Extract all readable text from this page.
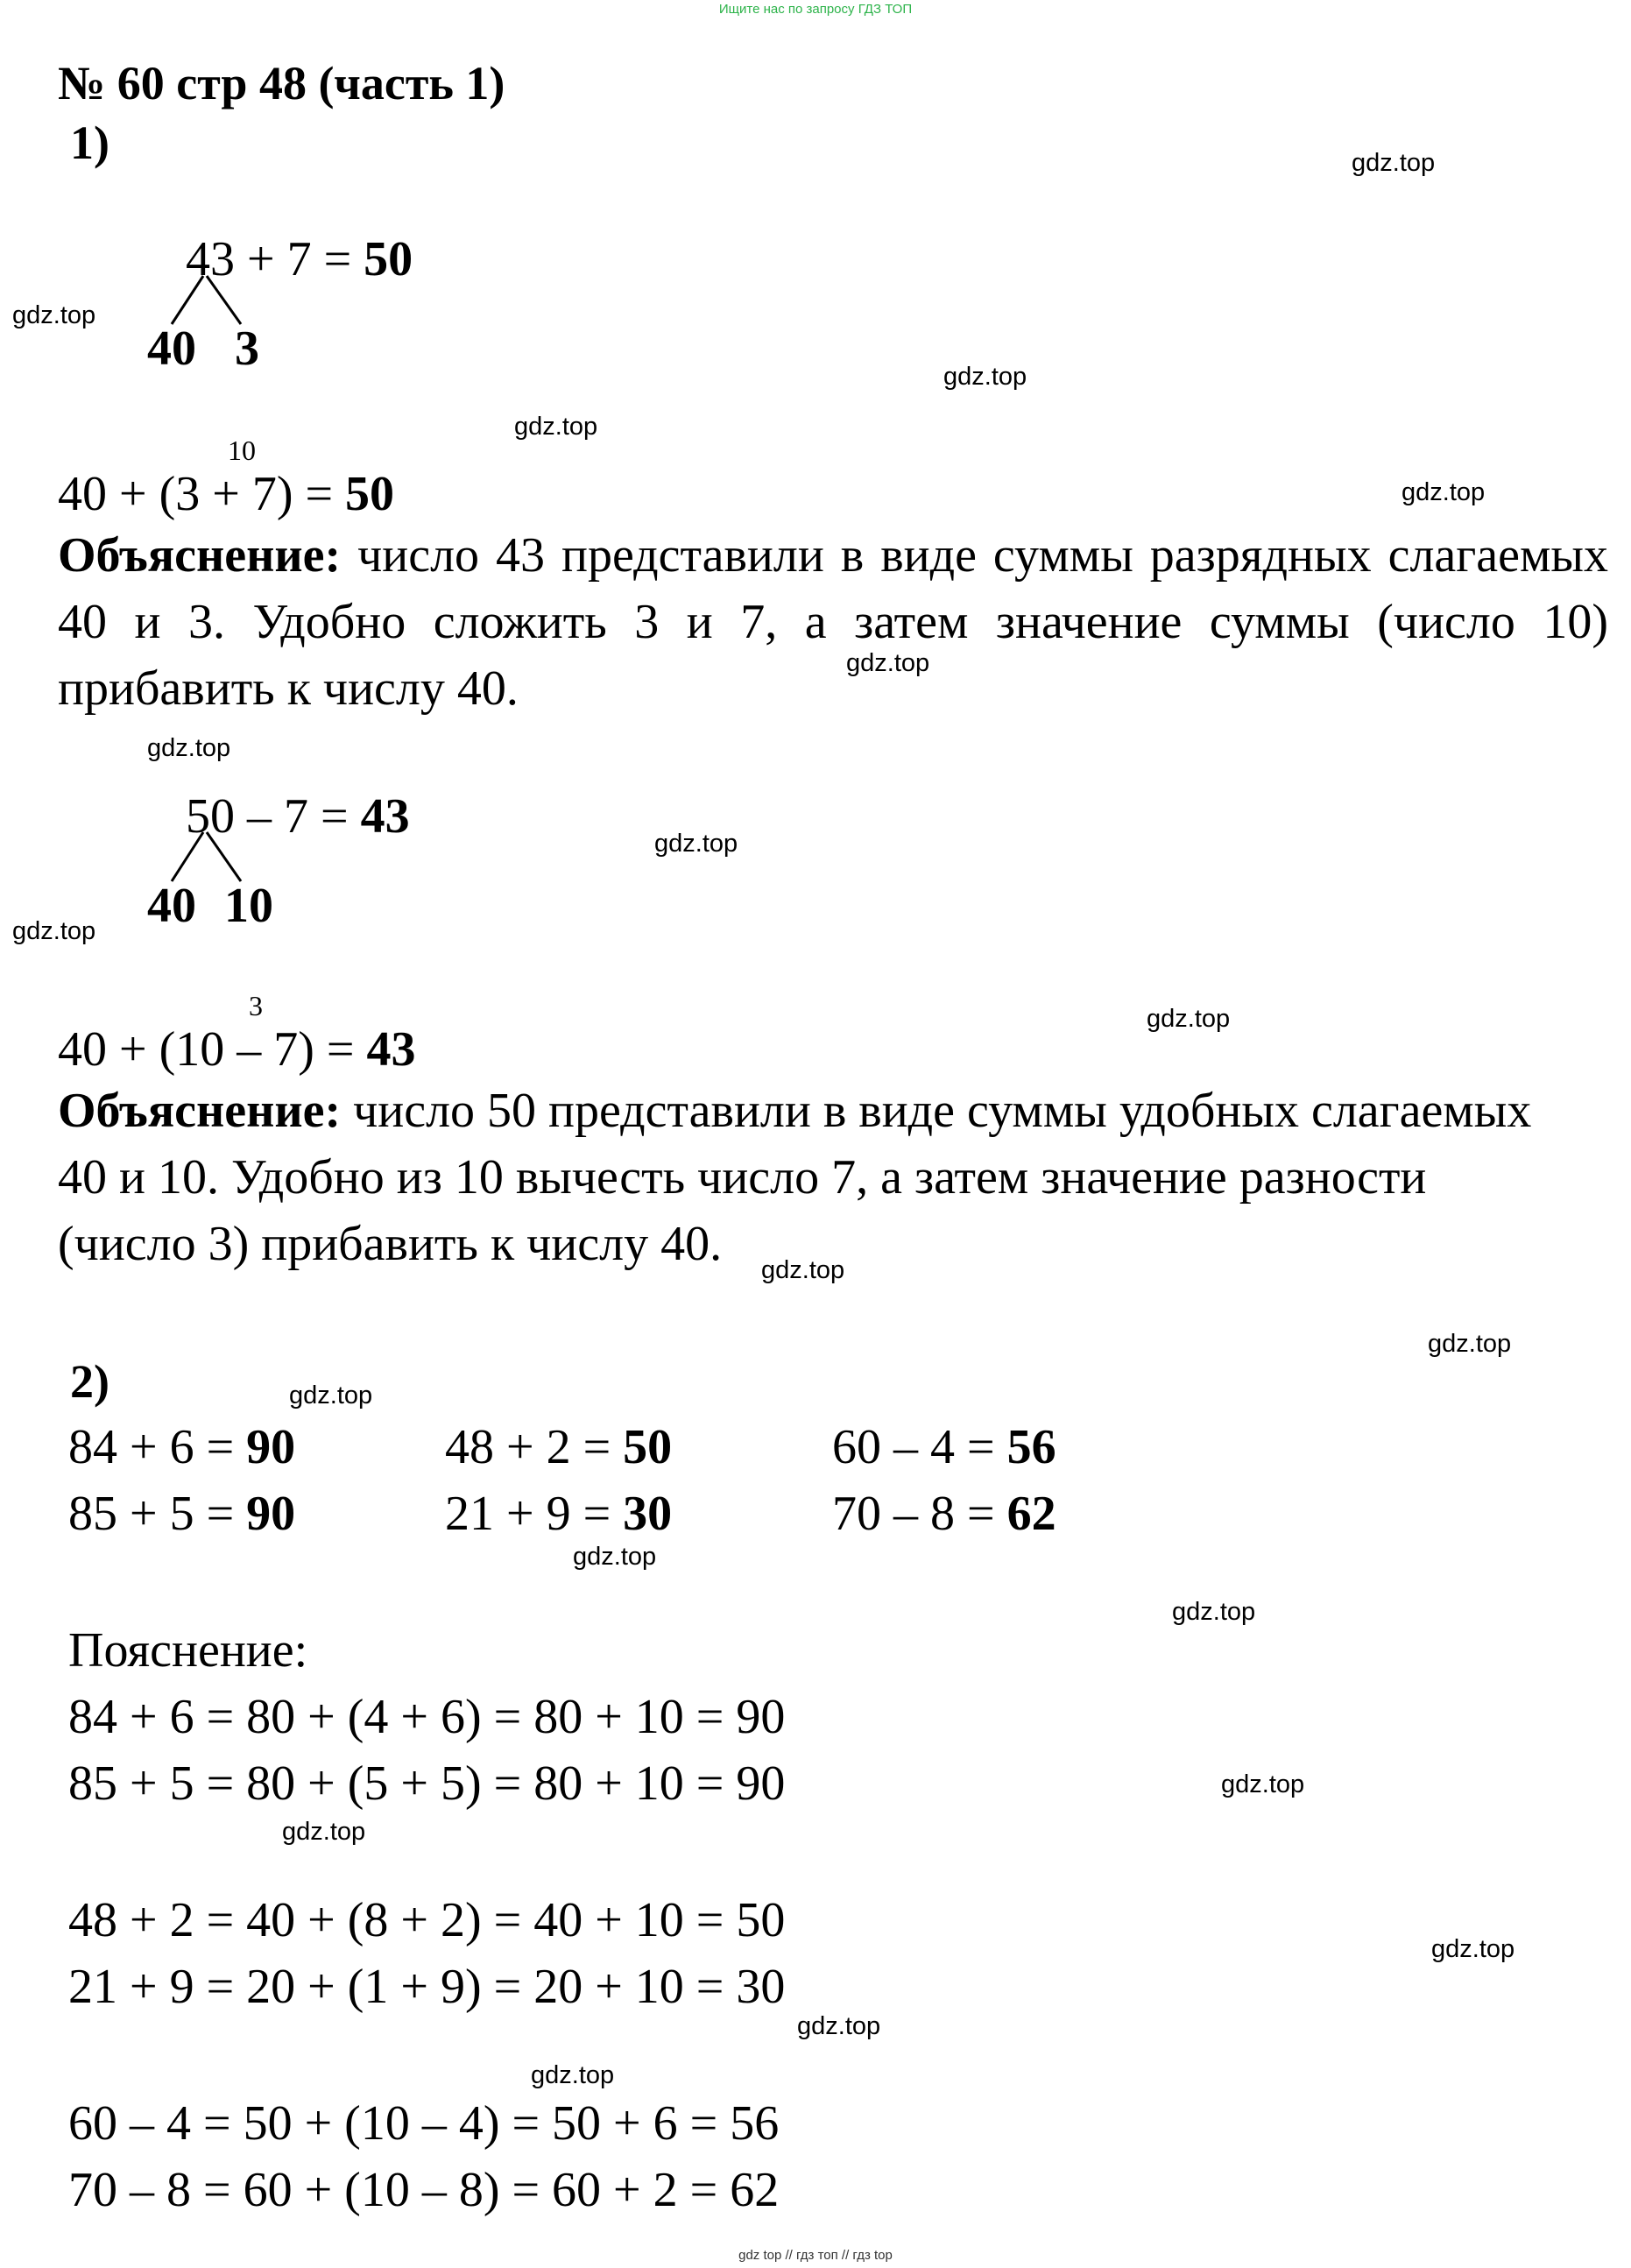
Ищите нас по запросу ГДЗ ТОП
№ 60 стр 48 (часть 1)
1)
43 + 7 = 50
40 3
10
40 + (3 + 7) = 50
Объяснение: число 43 представили в виде суммы разрядных слагаемых 40 и 3. Удобно сложить 3 и 7, а затем значение суммы (число 10) прибавить к числу 40.
50 – 7 = 43
40 10
3
40 + (10 – 7) = 43
Объяснение: число 50 представили в виде суммы удобных слагаемых
40 и 10. Удобно из 10 вычесть число 7, а затем значение разности
(число 3) прибавить к числу 40.
2)
84 + 6 = 90	48 + 2 = 50	60 – 4 = 56
85 + 5 = 90	21 + 9 = 30	70 – 8 = 62
Пояснение:
84 + 6 = 80 + (4 + 6) = 80 + 10 = 90
85 + 5 = 80 + (5 + 5) = 80 + 10 = 90
48 + 2 = 40 + (8 + 2) = 40 + 10 = 50
21 + 9 = 20 + (1 + 9) = 20 + 10 = 30
60 – 4 = 50 + (10 – 4) = 50 + 6 = 56
70 – 8 = 60 + (10 – 8) = 60 + 2 = 62
gdz.top
gdz.top
gdz.top
gdz.top
gdz.top
gdz.top
gdz.top
gdz.top
gdz.top
gdz.top
gdz.top
gdz.top
gdz.top
gdz.top
gdz.top
gdz.top
gdz.top
gdz.top
gdz.top
gdz.top
gdz top // гдз топ // гдз top
